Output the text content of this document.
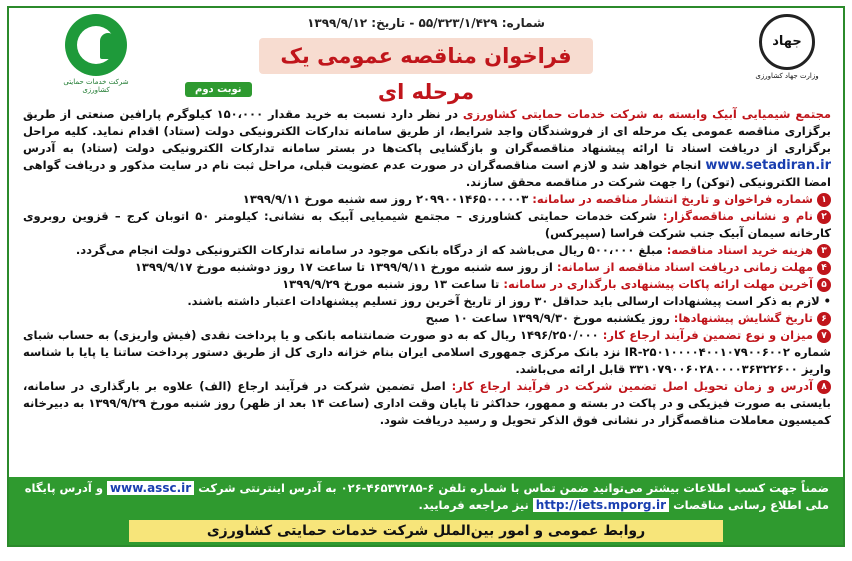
جهاد
وزارت جهاد کشاورزی
شماره: ۵۵/۳۲۳/۱/۴۲۹ - تاریخ: ۱۳۹۹/۹/۱۲
فراخوان مناقصه عمومی یک مرحله ای
نوبت دوم
شرکت خدمات حمایتی کشاورزی

مجتمع شیمیایی آبیک وابسته به شرکت خدمات حمایتی کشاورزی در نظر دارد نسبت به خرید مقدار ۱۵۰،۰۰۰ کیلوگرم پارافین صنعتی از طریق برگزاری مناقصه عمومی یک مرحله ای از فروشندگان واجد شرایط، از طریق سامانه تدارکات الکترونیکی دولت (ستاد) اقدام نماید. کلیه مراحل برگزاری از دریافت اسناد تا ارائه پیشنهاد مناقصه‌گران و بازگشایی پاکت‌ها در بستر سامانه تدارکات الکترونیکی دولت (ستاد) به آدرس www.setadiran.ir انجام خواهد شد و لازم است مناقصه‌گران در صورت عدم عضویت قبلی، مراحل ثبت نام در سایت مذکور و دریافت گواهی امضا الکترونیکی (توکن) را جهت شرکت در مناقصه محقق سازند.

۱شماره فراخوان و تاریخ انتشار مناقصه در سامانه: ۲۰۹۹۰۰۱۴۶۵۰۰۰۰۰۳ روز سه شنبه مورخ ۱۳۹۹/۹/۱۱

۲نام و نشانی مناقصه‌گزار: شرکت خدمات حمایتی کشاورزی – مجتمع شیمیایی آبیک به نشانی: کیلومتر ۵۰ اتوبان کرج – قزوین روبروی کارخانه سیمان آبیک جنب شرکت فراسا (سپیرکس)

۳هزینه خرید اسناد مناقصه: مبلغ ۵۰۰،۰۰۰ ریال می‌باشد که از درگاه بانکی موجود در سامانه تدارکات الکترونیکی دولت انجام می‌گردد.

۴مهلت زمانی دریافت اسناد مناقصه از سامانه: از روز سه شنبه مورخ ۱۳۹۹/۹/۱۱ تا ساعت ۱۷ روز دوشنبه مورخ ۱۳۹۹/۹/۱۷

۵آخرین مهلت ارائه پاکات پیشنهادی بارگذاری در سامانه: تا ساعت ۱۳ روز شنبه مورخ ۱۳۹۹/۹/۲۹

• لازم به ذکر است پیشنهادات ارسالی باید حداقل ۳۰ روز از تاریخ آخرین روز تسلیم پیشنهادات اعتبار داشته باشند.

۶تاریخ گشایش پیشنهادها: روز یکشنبه مورخ ۱۳۹۹/۹/۳۰ ساعت ۱۰ صبح

۷میزان و نوع تضمین فرآیند ارجاع کار: ۱۴۹۶/۲۵۰/۰۰۰ ریال که به دو صورت ضمانتنامه بانکی و یا پرداخت نقدی (فیش واریزی) به حساب شبای شماره IR-۲۵۰۱۰۰۰۰۴۰۰۱۰۷۹۰۰۶۰۰۲ نزد بانک مرکزی جمهوری اسلامی ایران بنام خزانه داری کل از طریق دستور پرداخت ساتنا یا پایا با شناسه واریز ۳۳۱۰۷۹۰۰۶۰۲۸۰۰۰۰۳۶۳۲۲۶۰۰ قابل ارائه می‌باشد.

۸آدرس و زمان تحویل اصل تضمین شرکت در فرآیند ارجاع کار: اصل تضمین شرکت در فرآیند ارجاع (الف) علاوه بر بارگذاری در سامانه، بایستی به صورت فیزیکی و در پاکت در بسته و ممهور، حداکثر تا پایان وقت اداری (ساعت ۱۴ بعد از ظهر) روز شنبه مورخ ۱۳۹۹/۹/۲۹ به دبیرخانه کمیسیون معاملات مناقصه‌گزار در نشانی فوق الذکر تحویل و رسید دریافت شود.

ضمناً جهت کسب اطلاعات بیشتر می‌توانید ضمن تماس با شماره تلفن ۶-۴۶۵۳۷۲۸۵-۰۲۶ به آدرس اینترنتی شرکت www.assc.ir و آدرس پایگاه ملی اطلاع رسانی مناقصات http://iets.mporg.ir نیز مراجعه فرمایید.
روابط عمومی و امور بین‌الملل شرکت خدمات حمایتی کشاورزی
